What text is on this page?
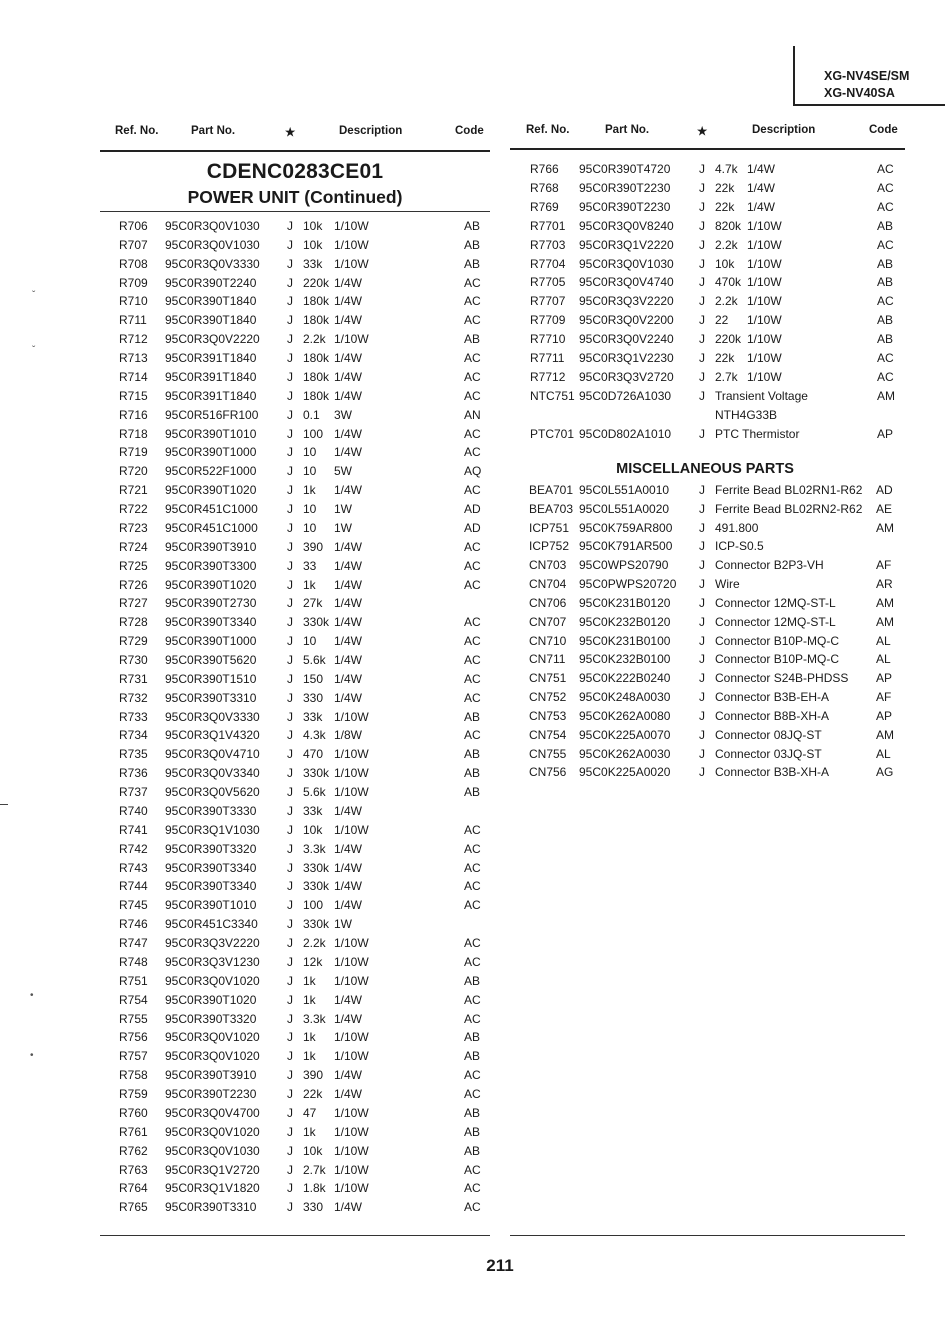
XG-NV4SE/SM
XG-NV40SA
Ref. No.	Part No.	★	Description	Code	Ref. No.	Part No.	★	Description	Code
CDENC0283CE01
POWER UNIT (Continued)
MISCELLANEOUS PARTS
R706 95C0R3Q0V1030 J 10k 1/10W	AB
R707 95C0R3Q0V1030 J 10k 1/10W	AB
R708 95C0R3Q0V3330 J 33k 1/10W	AB
R709 95C0R390T2240	J 220k 1/4W	AC
R710 95C0R390T1840	J 180k 1/4W	AC
R711 95C0R390T1840	J 180k 1/4W	AC
R712 95C0R3Q0V2220 J 2.2k 1/10W	AB
R713 95C0R391T1840	J 180k 1/4W	AC
R714 95C0R391T1840	J 180k 1/4W	AC
R715 95C0R391T1840	J 180k 1/4W	AC
R716 95C0R516FR100 J 0.1 3W	AN
R718 95C0R390T1010	J 100 1/4W	AC
R719 95C0R390T1000	J 10 1/4W	AC
R720 95C0R522F1000	J 10 5W	AQ
R721 95C0R390T1020	J 1k 1/4W	AC
R722 95C0R451C1000 J 10 1W	AD
R723 95C0R451C1000 J 10 1W	AD
R724 95C0R390T3910	J 390 1/4W	AC
R725 95C0R390T3300	J 33 1/4W	AC
R726 95C0R390T1020	J 1k 1/4W	AC
R727 95C0R390T2730	J 27k 1/4W
R728 95C0R390T3340	J 330k 1/4W	AC
R729 95C0R390T1000	J 10 1/4W	AC
R730 95C0R390T5620	J 5.6k 1/4W	AC
R731 95C0R390T1510	J 150 1/4W	AC
R732 95C0R390T3310	J 330 1/4W	AC
R733 95C0R3Q0V3330 J 33k 1/10W	AB
R734 95C0R3Q1V4320 J 4.3k 1/8W	AC
R735 95C0R3Q0V4710 J 470 1/10W	AB
R736 95C0R3Q0V3340 J 330k 1/10W	AB
R737 95C0R3Q0V5620 J 5.6k 1/10W	AB
R740 95C0R390T3330	J 33k 1/4W
R741 95C0R3Q1V1030 J 10k 1/10W	AC
R742 95C0R390T3320	J 3.3k 1/4W	AC
R743 95C0R390T3340	J 330k 1/4W	AC
R744 95C0R390T3340	J 330k 1/4W	AC
R745 95C0R390T1010	J 100 1/4W	AC
R746 95C0R451C3340 J 330k 1W
R747 95C0R3Q3V2220 J 2.2k 1/10W	AC
R748 95C0R3Q3V1230 J 12k 1/10W	AC
R751 95C0R3Q0V1020 J 1k 1/10W	AB
R754 95C0R390T1020	J 1k 1/4W	AC
R755 95C0R390T3320	J 3.3k 1/4W	AC
R756 95C0R3Q0V1020 J 1k 1/10W	AB
R757 95C0R3Q0V1020 J 1k 1/10W	AB
R758 95C0R390T3910	J 390 1/4W	AC
R759 95C0R390T2230	J 22k 1/4W	AC
R760 95C0R3Q0V4700 J 47 1/10W	AB
R761 95C0R3Q0V1020 J 1k 1/10W	AB
R762 95C0R3Q0V1030 J 10k 1/10W	AB
R763 95C0R3Q1V2720 J 2.7k 1/10W	AC
R764 95C0R3Q1V1820 J 1.8k 1/10W	AC
R765 95C0R390T3310	J 330 1/4W	AC
R766 95C0R390T4720 J 4.7k 1/4W	AC
R768 95C0R390T2230 J 22k 1/4W	AC
R769 95C0R390T2230 J 22k 1/4W	AC
R7701 95C0R3Q0V8240 J 820k 1/10W	AB
R7703 95C0R3Q1V2220 J 2.2k 1/10W	AC
R7704 95C0R3Q0V1030 J 10k 1/10W	AB
R7705 95C0R3Q0V4740 J 470k 1/10W	AB
R7707 95C0R3Q3V2220 J 2.2k 1/10W	AC
R7709 95C0R3Q0V2200 J 22 1/10W	AB
R7710 95C0R3Q0V2240 J 220k 1/10W	AB
R7711 95C0R3Q1V2230 J 22k 1/10W	AC
R7712 95C0R3Q3V2720 J 2.7k 1/10W	AC
NTC751 95C0D726A1030 J Transient Voltage	AM
NTH4G33B
PTC701 95C0D802A1010 J PTC Thermistor	AP
BEA701 95C0L551A0010 J Ferrite Bead BL02RN1-R62 AD
BEA703 95C0L551A0020 J Ferrite Bead BL02RN2-R62 AE
ICP751 95C0K759AR800 J 491.800	AM
ICP752 95C0K791AR500 J ICP-S0.5
CN703 95C0WPS20790	J Connector B2P3-VH	AF
CN704 95C0PWPS20720 J Wire	AR
CN706 95C0K231B0120 J Connector 12MQ-ST-L	AM
CN707 95C0K232B0120 J Connector 12MQ-ST-L	AM
CN710 95C0K231B0100 J Connector B10P-MQ-C	AL
CN711 95C0K232B0100 J Connector B10P-MQ-C	AL
CN751 95C0K222B0240 J Connector S24B-PHDSS AP
CN752 95C0K248A0030 J Connector B3B-EH-A	AF
CN753 95C0K262A0080 J Connector B8B-XH-A	AP
CN754 95C0K225A0070 J Connector 08JQ-ST	AM
CN755 95C0K262A0030 J Connector 03JQ-ST	AL
CN756 95C0K225A0020 J Connector B3B-XH-A	AG
211
ˇ
ˇ
•
•
